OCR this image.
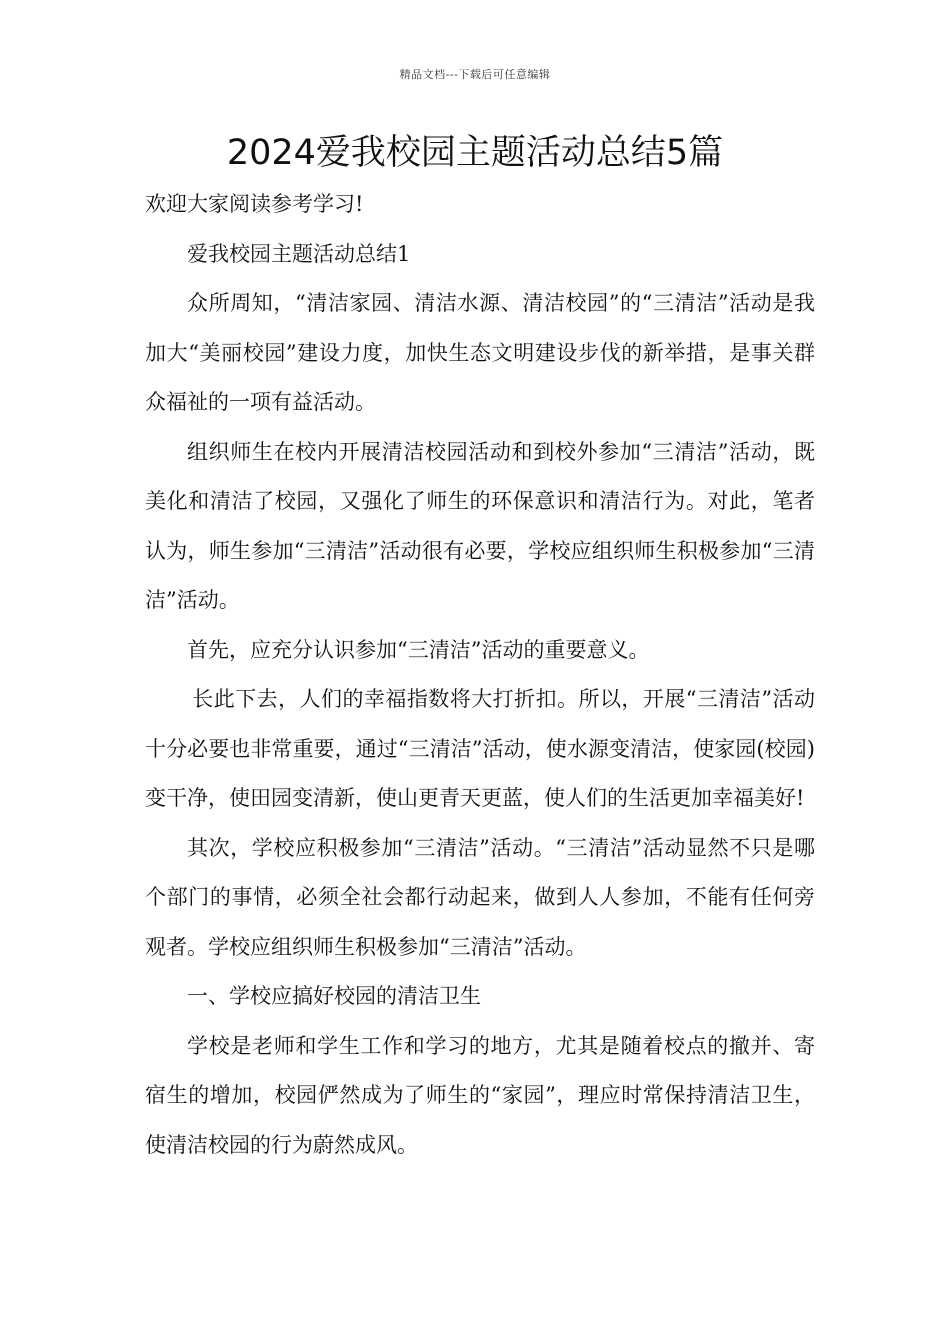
精品文档---下载后可任意编辑
2024爱我校园主题活动总结5篇

欢迎大家阅读参考学习!

爱我校园主题活动总结1

众所周知，“清洁家园、清洁水源、清洁校园”的“三清洁”活动是我加大“美丽校园”建设力度，加快生态文明建设步伐的新举措，是事关群众福祉的一项有益活动。

组织师生在校内开展清洁校园活动和到校外参加“三清洁”活动，既美化和清洁了校园，又强化了师生的环保意识和清洁行为。对此，笔者认为，师生参加“三清洁”活动很有必要，学校应组织师生积极参加“三清洁”活动。

首先，应充分认识参加“三清洁”活动的重要意义。

长此下去，人们的幸福指数将大打折扣。所以，开展“三清洁”活动十分必要也非常重要，通过“三清洁”活动，使水源变清洁，使家园(校园)变干净，使田园变清新，使山更青天更蓝，使人们的生活更加幸福美好!

其次，学校应积极参加“三清洁”活动。“三清洁”活动显然不只是哪个部门的事情，必须全社会都行动起来，做到人人参加，不能有任何旁观者。学校应组织师生积极参加“三清洁”活动。

一、学校应搞好校园的清洁卫生

学校是老师和学生工作和学习的地方，尤其是随着校点的撤并、寄宿生的增加，校园俨然成为了师生的“家园”，理应时常保持清洁卫生，使清洁校园的行为蔚然成风。
